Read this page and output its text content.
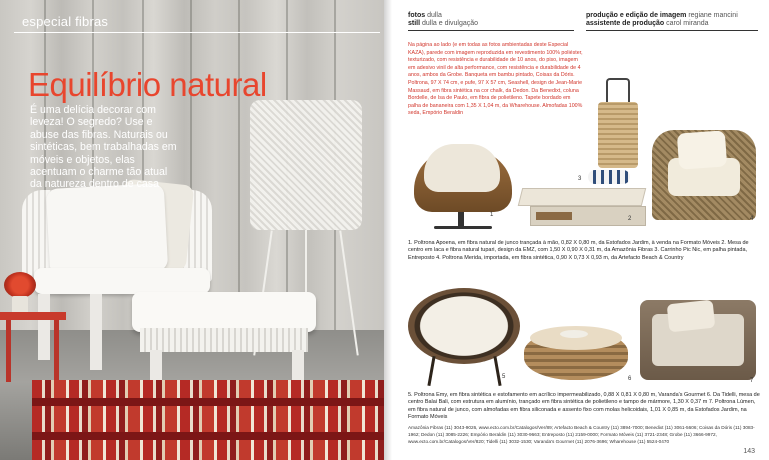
especial fibras
Equilíbrio natural
É uma delícia decorar com leveza! O segredo? Use e abuse das fibras. Naturais ou sintéticas, bem trabalhadas em móveis e objetos, elas acentuam o charme tão atual da natureza dentro de casa
fotos dulla
still dulla e divulgação
produção e edição de imagem regiane mancini
assistente de produção carol miranda
Na página ao lado (e em todas as fotos ambientadas deste Especial KAZA), parede com imagem reproduzida em revestimento 100% poliéster, texturizado, com resistência e durabilidade de 10 anos, do piso, imagem em adesivo vinil de alta performance, com resistência e durabilidade de 4 anos, ambos da Grobe. Banqueta em bambu pintado, Coisas da Dóris. Poltrona, 97 X 74 cm, e pufe, 97 X 57 cm, Seashell, design de Jean-Marie Massaud, em fibra sintética na cor chalk, da Dedon. Da Benedixt, coluna Bordelle, de Isa de Paulo, em fibra de polietileno. Tapete bordado em palha de bananeira com 1,35 X 1,04 m, da Wharehouse. Almofadas 100% seda, Empório Beraldin
1
2
3
4
1. Poltrona Apoena, em fibra natural de junco trançada à mão, 0,82 X 0,80 m, da Estofados Jardim, à venda na Formato Móveis 2. Mesa de centro em laca e fibra natural tupari, design da EMZ, com 1,50 X 0,90 X 0,31 m, da Amazônia Fibras 3. Carrinho Pic Nic, em palha pintada, Entreposto 4. Poltrona Merida, importada, em fibra sintética, 0,90 X 0,73 X 0,93 m, da Artefacto Beach & Country
5	6	7
5. Poltrona Emy, em fibra sintética e estofamento em acrílico impermeabilizado, 0,88 X 0,81 X 0,80 m, Varanda's Gourmet 6. Da Tidelli, mesa de centro Balai Bali, com estrutura em alumínio, trançado em fibra sintética de polietileno e tampo de mármore, 1,30 X 0,37 m 7. Poltrona Lúmen, em fibra natural de junco, com almofadas em fibra siliconada e assento fixo com molas helicoidais, 1,01 X 0,85 m, da Estofados Jardim, na Formato Móveis
Amazônia Fibras (11) 3043-9026, www.ecto.com.br/Catalogos/Ver/89; Artefacto Beach & Country (11) 3894-7000; Benedixt (11) 3061-5606; Coisas da Dóris (11) 3083-1962; Dedon (11) 3085-2226; Empório Beraldin (11) 3030-9663; Entreposto (11) 2159-0000; Formato Móveis (11) 3721-2348; Grobe (11) 3666-9972, www.ecto.com.br/Catalogos/Ver/820; Tidelli (11) 3032-1530; Varanda's Gourmet (11) 2076-3696; Wharehouse (11) 5524-0470
143
